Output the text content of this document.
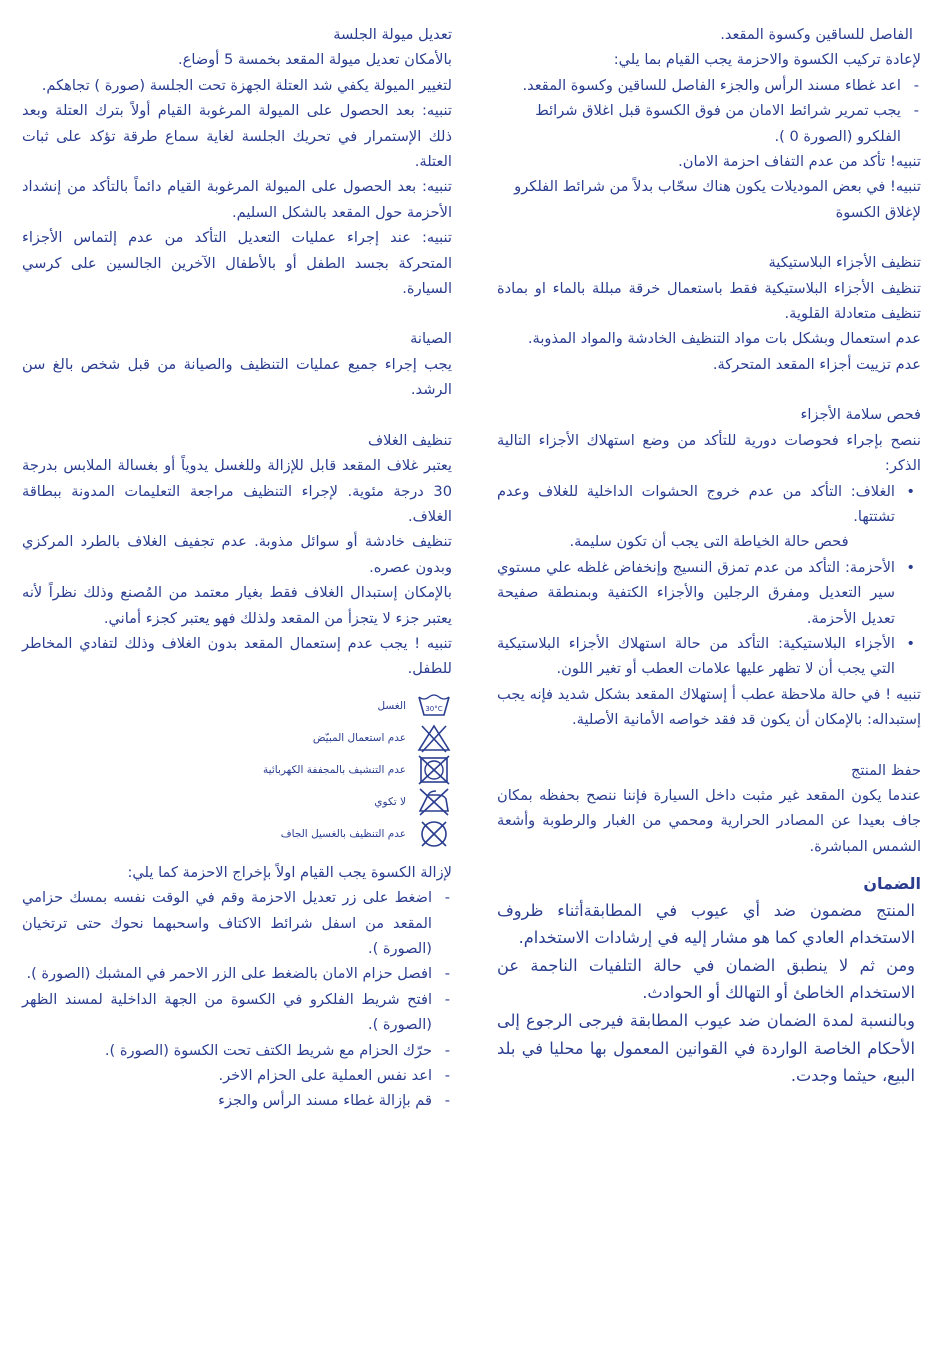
تعديل ميولة الجلسة

بالأمكان تعديل ميولة المقعد بخمسة 5 أوضاع.

لتغيير الميولة يكفي شد العتلة الجهزة تحت الجلسة (صورة ) تجاهكم.

تنبيه: بعد الحصول على الميولة المرغوبة القيام أولاً بترك العتلة وبعد ذلك الإستمرار في تحريك الجلسة لغاية سماع طرقة تؤكد على ثبات العتلة.

تنبيه: بعد الحصول على الميولة المرغوبة القيام دائماً بالتأكد من إنشداد الأحزمة حول المقعد بالشكل السليم.

تنبيه: عند إجراء عمليات التعديل التأكد من عدم إلتماس الأجزاء المتحركة بجسد الطفل أو بالأطفال الآخرين الجالسين على كرسي السيارة.

الصيانة

يجب إجراء جميع عمليات التنظيف والصيانة من قبل شخص بالغ سن الرشد.

تنظيف الغلاف

يعتبر غلاف المقعد قابل للإزالة وللغسل يدوياً أو بغسالة الملابس بدرجة 30 درجة مئوية. لإجراء التنظيف مراجعة التعليمات المدونة ببطاقة الغلاف.

تنظيف خادشة أو سوائل مذوبة. عدم تجفيف الغلاف بالطرد المركزي وبدون عصره.

بالإمكان إستبدال الغلاف فقط بغيار معتمد من المُصنع وذلك نظراً لأنه يعتبر جزء لا يتجزأ من المقعد ولذلك فهو يعتبر كجزء أماني.

تنبيه ! يجب عدم إستعمال المقعد بدون الغلاف وذلك لتفادي المخاطر للطفل.

30°C
الغسل
عدم استعمال المبيّض
عدم التنشيف بالمجففة الكهربائية
لا تكوي
عدم التنظيف بالغسيل الجاف

لإزالة الكسوة يجب القيام اولاً بإخراج الاحزمة كما يلي:

- اضغط على زر تعديل الاحزمة وقم في الوقت نفسه بمسك حزامي المقعد من اسفل شرائط الاكتاف واسحبهما نحوك حتى ترتخيان (الصورة ).

- افصل حزام الامان بالضغط على الزر الاحمر في المشبك (الصورة ).

- افتح شريط الفلكرو في الكسوة من الجهة الداخلية لمسند الظهر (الصورة ).

- حرّك الحزام مع شريط الكتف تحت الكسوة (الصورة ).

- اعد نفس العملية على الحزام الاخر.

- قم بإزالة غطاء مسند الرأس والجزء

الفاصل للساقين وكسوة المقعد.

لإعادة تركيب الكسوة والاحزمة يجب القيام بما يلي:

- اعد غطاء مسند الرأس والجزء الفاصل للساقين وكسوة المقعد.

- يجب تمرير شرائط الامان من فوق الكسوة قبل اغلاق شرائط الفلكرو (الصورة 0 ).

تنبيه! تأكد من عدم التفاف احزمة الامان.

تنبيه! في بعض الموديلات يكون هناك سحّاب بدلاً من شرائط الفلكرو لإغلاق الكسوة

تنظيف الأجزاء البلاستيكية

تنظيف الأجزاء البلاستيكية فقط باستعمال خرقة مبللة بالماء او بمادة تنظيف متعادلة القلوية.

عدم استعمال وبشكل بات مواد التنظيف الخادشة والمواد المذوبة.

عدم تزييت أجزاء المقعد المتحركة.

فحص سلامة الأجزاء

ننصح بإجراء فحوصات دورية للتأكد من وضع استهلاك الأجزاء التالية الذكر:

• الغلاف: التأكد من عدم خروج الحشوات الداخلية للغلاف وعدم تشتتها.

فحص حالة الخياطة التى يجب أن تكون سليمة.

• الأحزمة: التأكد من عدم تمزق النسيج وإنخفاض غلظه علي مستوي سير التعديل ومفرق الرجلين والأجزاء الكتفية وبمنطقة صفيحة تعديل الأحزمة.

• الأجزاء البلاستيكية: التأكد من حالة استهلاك الأجزاء البلاستيكية التي يجب أن لا تظهر عليها علامات العطب أو تغير اللون.

تنبيه ! في حالة ملاحظة عطب أ إستهلاك المقعد بشكل شديد فإنه يجب إستبداله: بالإمكان أن يكون قد فقد خواصه الأمانية الأصلية.

حفظ المنتج

عندما يكون المقعد غير مثبت داخل السيارة فإننا ننصح بحفظه بمكان جاف بعيدا عن المصادر الحرارية ومحمي من الغبار والرطوبة وأشعة الشمس المباشرة.

الضمان

المنتج مضمون ضد أي عيوب في المطابقةأثناء ظروف الاستخدام العادي كما هو مشار إليه في إرشادات الاستخدام.

ومن ثم لا ينطبق الضمان في حالة التلفيات الناجمة عن الاستخدام الخاطئ أو التهالك أو الحوادث.

وبالنسبة لمدة الضمان ضد عيوب المطابقة فيرجى الرجوع إلى الأحكام الخاصة الواردة في القوانين المعمول بها محليا في بلد البيع، حيثما وجدت.
